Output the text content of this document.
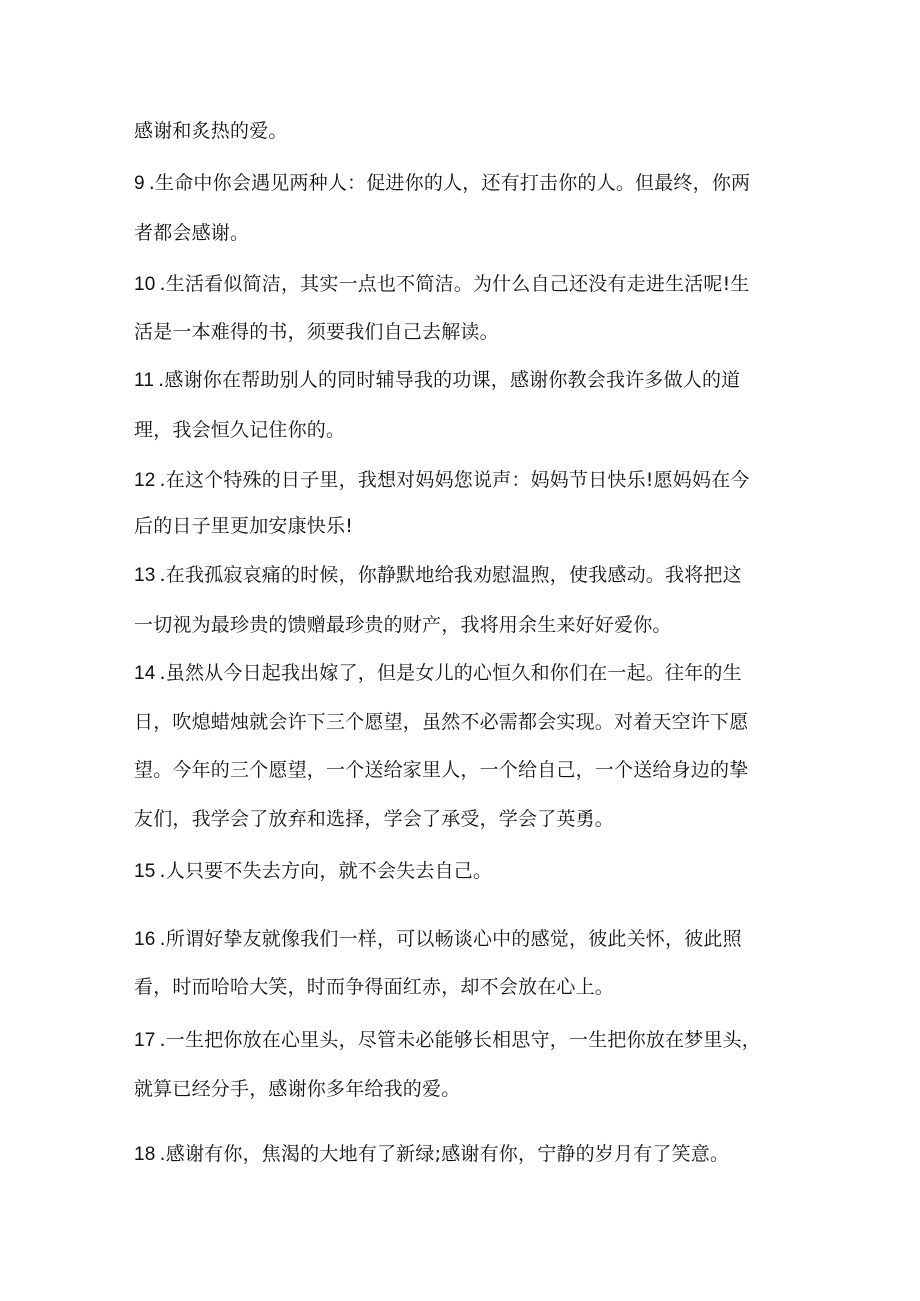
感谢和炙热的爱。
9 .生命中你会遇见两种人：促进你的人，还有打击你的人。但最终，你两
者都会感谢。
10 .生活看似简洁，其实一点也不简洁。为什么自己还没有走进生活呢!生
活是一本难得的书，须要我们自己去解读。
11 .感谢你在帮助别人的同时辅导我的功课，感谢你教会我许多做人的道
理，我会恒久记住你的。
12 .在这个特殊的日子里，我想对妈妈您说声：妈妈节日快乐!愿妈妈在今
后的日子里更加安康快乐!
13 .在我孤寂哀痛的时候，你静默地给我劝慰温煦，使我感动。我将把这
一切视为最珍贵的馈赠最珍贵的财产，我将用余生来好好爱你。
14 .虽然从今日起我出嫁了，但是女儿的心恒久和你们在一起。往年的生
日，吹熄蜡烛就会许下三个愿望，虽然不必需都会实现。对着天空许下愿
望。今年的三个愿望，一个送给家里人，一个给自己，一个送给身边的挚
友们，我学会了放弃和选择，学会了承受，学会了英勇。
15 .人只要不失去方向，就不会失去自己。
16 .所谓好挚友就像我们一样，可以畅谈心中的感觉，彼此关怀，彼此照
看，时而哈哈大笑，时而争得面红赤，却不会放在心上。
17 .一生把你放在心里头，尽管未必能够长相思守，一生把你放在梦里头，
就算已经分手，感谢你多年给我的爱。
18 .感谢有你，焦渴的大地有了新绿;感谢有你，宁静的岁月有了笑意。
